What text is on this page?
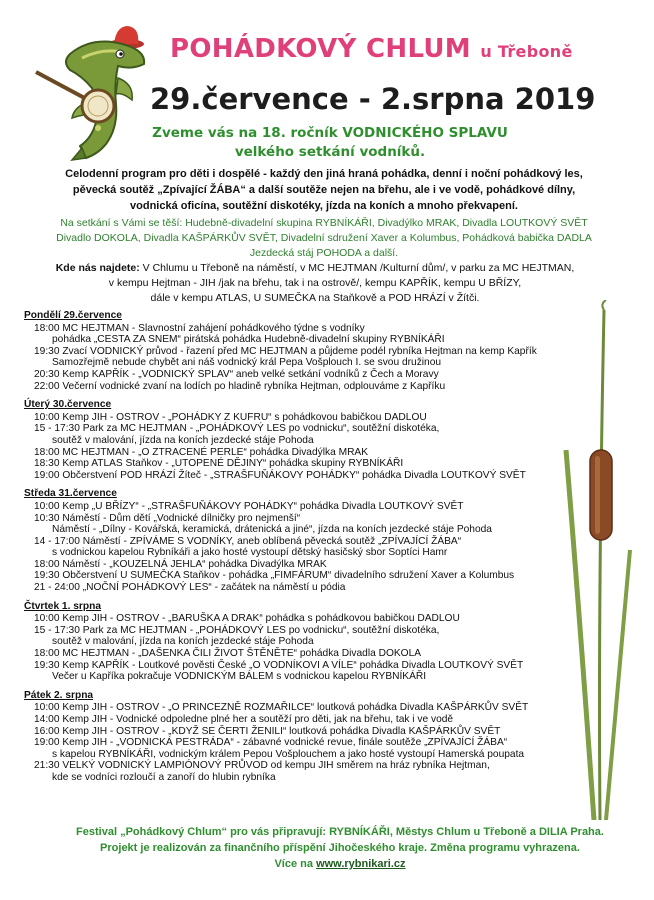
POHÁDKOVÝ CHLUM u Třeboně
29.července - 2.srpna 2019
Zveme vás na 18. ročník VODNICKÉHO SPLAVU
velkého setkání vodníků.
Celodenní program pro děti i dospělé - každý den jiná hraná pohádka, denní i noční pohádkový les,
pěvecká soutěž „Zpívající ŽÁBA“ a další soutěže nejen na břehu, ale i ve vodě, pohádkové dílny,
vodnická oficína, soutěžní diskotéky, jízda na koních a mnoho překvapení.
Na setkání s Vámi se těší: Hudebně-divadelní skupina RYBNÍKÁŘI, Divadýlko MRAK, Divadla LOUTKOVÝ SVĚT
Divadlo DOKOLA, Divadla KAŠPÁRKŮV SVĚT, Divadelní sdružení Xaver a Kolumbus, Pohádková babička DADLA
Jezdecká stáj POHODA a další.
Kde nás najdete: V Chlumu u Třeboně na náměstí, v MC HEJTMAN /Kulturní dům/, v parku za MC HEJTMAN,
v kempu Hejtman - JIH /jak na břehu, tak i na ostrově/, kempu KAPŘÍK, kempu U BŘÍZY,
dále v kempu ATLAS, U SUMEČKA na Staňkově a POD HRÁZÍ v Žítči.
Pondělí 29.července
18:00 MC HEJTMAN - Slavnostní zahájení pohádkového týdne s vodníky
pohádka „CESTA ZA SNEM“ pirátská pohádka Hudebně-divadelní skupiny RYBNÍKÁŘI
19:30 Zvací VODNICKÝ průvod - řazení před MC HEJTMAN a půjdeme podél rybníka Hejtman na kemp Kapřík
Samozřejmě nebude chybět ani náš vodnický král Pepa Vošplouch I. se svou družinou
20:30 Kemp KAPŘÍK - „VODNICKÝ SPLAV“ aneb velké setkání vodníků z Čech a Moravy
22:00 Večerní vodnické zvaní na lodích po hladině rybníka Hejtman, odplouváme z Kapříku
Úterý 30.července
10:00 Kemp JIH - OSTROV - „POHÁDKY Z KUFRU“ s pohádkovou babičkou DADLOU
15 - 17:30 Park za MC HEJTMAN - „POHÁDKOVÝ LES po vodnicku“, soutěžní diskotéka,
soutěž v malování, jízda na koních jezdecké stáje Pohoda
18:00 MC HEJTMAN - „O ZTRACENÉ PERLE“ pohádka Divadýlka MRAK
18:30 Kemp ATLAS Staňkov - „UTOPENÉ DĚJINY“ pohádka skupiny RYBNÍKÁŘI
19:00 Občerstvení POD HRÁZÍ Žíteč - „STRAŠFUŇÁKOVY POHÁDKY“ pohádka Divadla LOUTKOVÝ SVĚT
Středa 31.července
10:00 Kemp „U BŘÍZY“ - „STRAŠFUŇÁKOVY POHÁDKY“ pohádka Divadla LOUTKOVÝ SVĚT
10:30 Náměstí - Dům dětí „Vodnické dílničky pro nejmenší“
Náměstí - „Dílny - Kovářská, keramická, drátenická a jiné“, jízda na koních jezdecké stáje Pohoda
14 - 17:00 Náměstí - ZPÍVÁME S VODNÍKY, aneb oblíbená pěvecká soutěž „ZPÍVAJÍCÍ ŽÁBA“
s vodnickou kapelou Rybníkáři a jako hosté vystoupí dětský hasičský sbor Soptíci Hamr
18:00 Náměstí - „KOUZELNÁ JEHLA“ pohádka Divadýlka MRAK
19:30 Občerstvení U SUMEČKA Staňkov - pohádka „FIMFÁRUM“ divadelního sdružení Xaver a Kolumbus
21 - 24:00 „NOČNÍ POHÁDKOVÝ LES“ - začátek na náměstí u pódia
Čtvrtek 1. srpna
10:00 Kemp JIH - OSTROV - „BARUŠKA A DRAK“ pohádka s pohádkovou babičkou DADLOU
15 - 17:30 Park za MC HEJTMAN - „POHÁDKOVÝ LES po vodnicku“, soutěžní diskotéka,
soutěž v malování, jízda na koních jezdecké stáje Pohoda
18:00 MC HEJTMAN - „DAŠENKA ČILI ŽIVOT ŠTĚNĚTE“ pohádka Divadla DOKOLA
19:30 Kemp KAPŘÍK - Loutkové pověsti České „O VODNÍKOVI A VÍLE“ pohádka Divadla LOUTKOVÝ SVĚT
Večer u Kapříka pokračuje VODNICKÝM BÁLEM s vodnickou kapelou RYBNÍKÁŘI
Pátek 2. srpna
10:00 Kemp JIH - OSTROV - „O PRINCEZNĚ ROZMAŘILCE“ loutková pohádka Divadla KAŠPÁRKŮV SVĚT
14:00 Kemp JIH - Vodnické odpoledne plné her a soutěží pro děti, jak na břehu, tak i ve vodě
16:00 Kemp JIH - OSTROV - „KDYŽ SE ČERTI ŽENILI“ loutková pohádka Divadla KAŠPÁRKŮV SVĚT
19:00 Kemp JIH - „VODNICKÁ PESTRÁDA“ - zábavné vodnické revue, finále soutěže „ZPÍVAJÍCÍ ŽÁBA“
s kapelou RYBNÍKÁŘI, vodnickým králem Pepou Vošplouchem a jako hosté vystoupí Hamerská poupata
21:30 VELKÝ VODNICKÝ LAMPIÓNOVÝ PRŮVOD od kempu JIH směrem na hráz rybníka Hejtman,
kde se vodníci rozloučí a zanoří do hlubin rybníka
Festival „Pohádkový Chlum“ pro vás připravují: RYBNÍKÁŘI, Městys Chlum u Třeboně a DILIA Praha.
Projekt je realizován za finančního příspění Jihočeského kraje. Změna programu vyhrazena.
Více na www.rybnikari.cz
